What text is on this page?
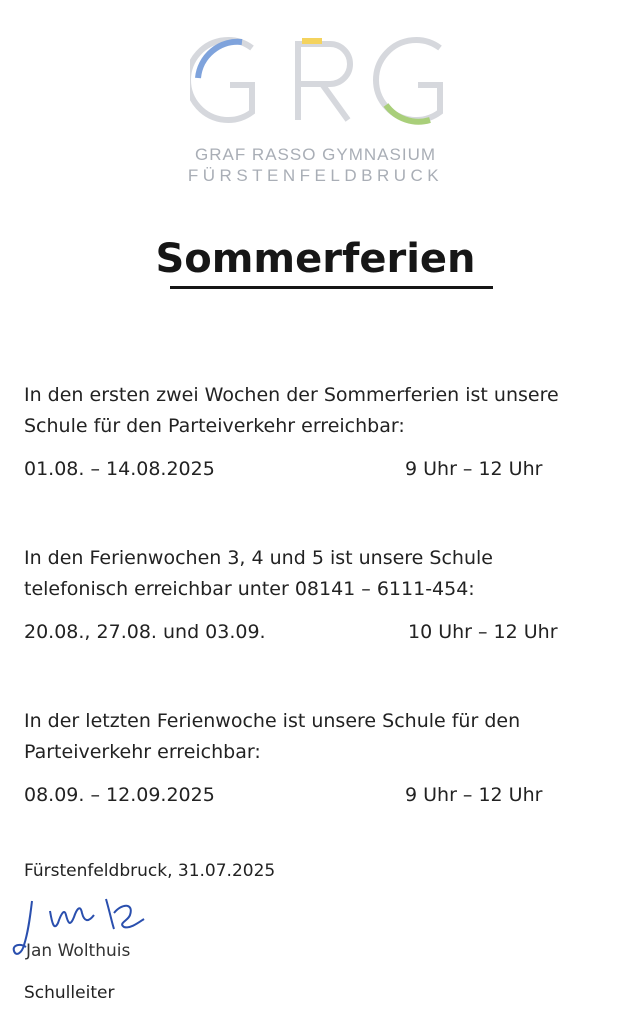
GRAF RASSO GYMNASIUM
FÜRSTENFELDBRUCK
Sommerferien
In den ersten zwei Wochen der Sommerferien ist unsere
Schule für den Parteiverkehr erreichbar:
01.08. – 14.08.2025	9 Uhr – 12 Uhr
In den Ferienwochen 3, 4 und 5 ist unsere Schule
telefonisch erreichbar unter 08141 – 6111-454:
20.08., 27.08. und 03.09.	10 Uhr – 12 Uhr
In der letzten Ferienwoche ist unsere Schule für den
Parteiverkehr erreichbar:
08.09. – 12.09.2025	9 Uhr – 12 Uhr
Fürstenfeldbruck, 31.07.2025
Jan Wolthuis
Schulleiter
